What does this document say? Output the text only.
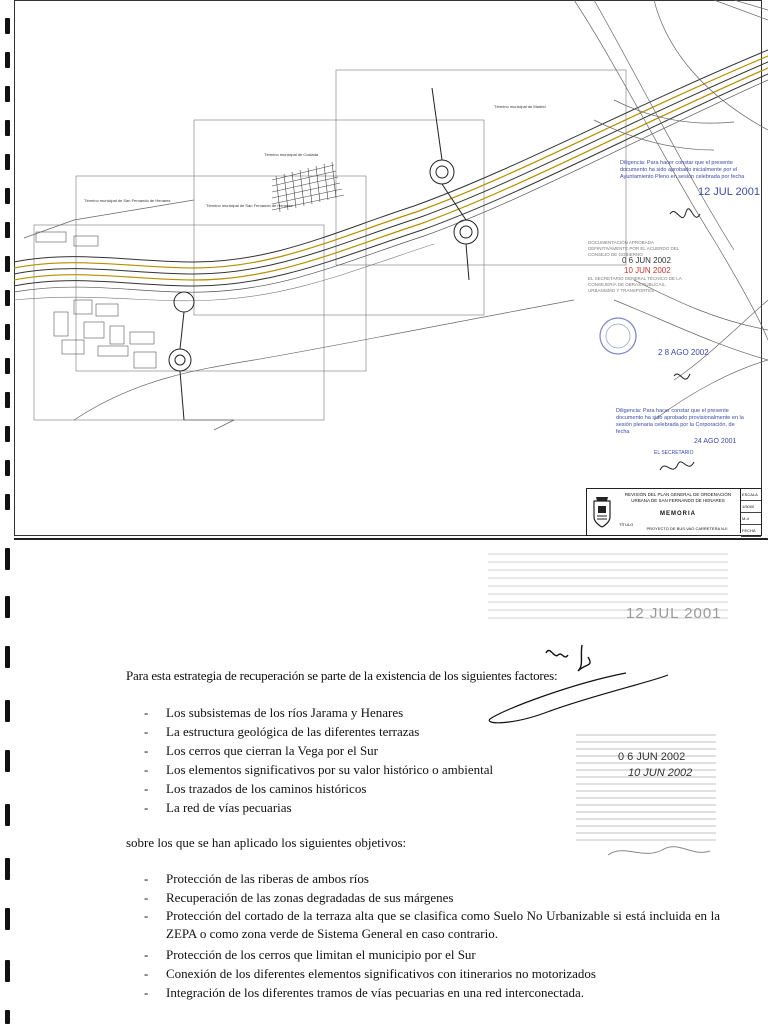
Término municipal de San Fernando de Henares
Término municipal de San Fernando de Henares
Término municipal de Coslada
Término municipal de Madrid
Diligencia: Para hacer constar que el presente documento ha sido aprobado inicialmente por el Ayuntamiento Pleno en sesión celebrada por fecha
12 JUL 2001
DOCUMENTACIÓN APROBADA DEFINITIVAMENTE POR EL ACUERDO DEL CONSEJO DE GOBIERNO
0 6 JUN 2002
10 JUN 2002
EL SECRETARIO GENERAL TÉCNICO DE LA CONSEJERÍA DE OBRAS PÚBLICAS, URBANISMO Y TRANSPORTES
2 8 AGO 2002
Diligencia: Para hacer constar que el presente documento ha sido aprobado provisionalmente en la sesión plenaria celebrada por la Corporación, de fecha
24 AGO 2001
EL SECRETARIO
REVISIÓN DEL PLAN GENERAL DE ORDENACIÓN URBANA DE SAN FERNANDO DE HENARES
MEMORIA
TÍTULO
PROYECTO DE BUS-VAO CARRETERA N-II
ESCALA
1/5000
M-4
FECHA
12 JUL 2001
Para esta estrategia de recuperación se parte de la existencia de los siguientes factores:
- Los subsistemas de los ríos Jarama y Henares
- La estructura geológica de las diferentes terrazas
- Los cerros que cierran la Vega por el Sur
- Los elementos significativos por su valor histórico o ambiental
- Los trazados de los caminos históricos
- La red de vías pecuarias
0 6 JUN 2002
10 JUN 2002
sobre los que se han aplicado los siguientes objetivos:
- Protección de las riberas de ambos ríos
- Recuperación de las zonas degradadas de sus márgenes
- Protección del cortado de la terraza alta que se clasifica como Suelo No Urbanizable si está incluida en la ZEPA o como zona verde de Sistema General en caso contrario.
- Protección de los cerros que limitan el municipio por el Sur
- Conexión de los diferentes elementos significativos con itinerarios no motorizados
- Integración de los diferentes tramos de vías pecuarias en una red interconectada.
